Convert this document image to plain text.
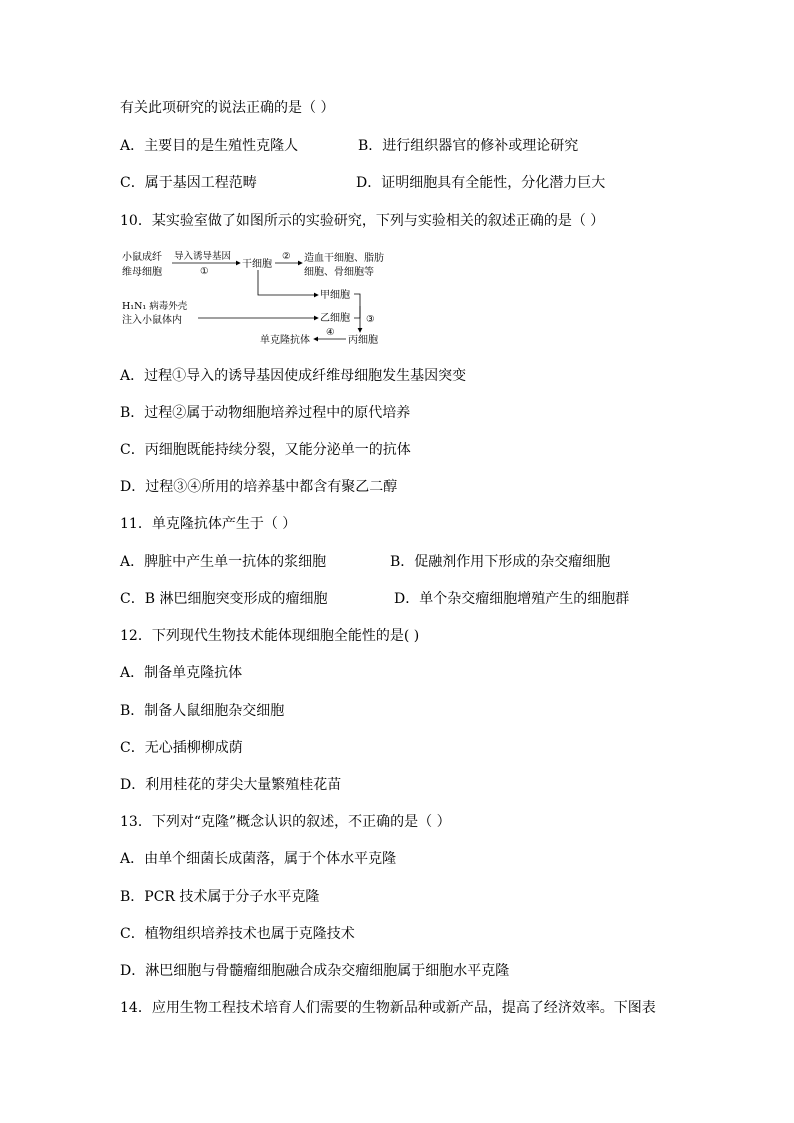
有关此项研究的说法正确的是（ ）
A．主要目的是生殖性克隆人	B．进行组织器官的修补或理论研究
C．属于基因工程范畴	D．证明细胞具有全能性，分化潜力巨大
10．某实验室做了如图所示的实验研究，下列与实验相关的叙述正确的是（ ）
小鼠成纤
维母细胞
导入诱导基因
①
干细胞
② 造血干细胞、脂肪
细胞、骨细胞等
甲细胞
H₁N₁ 病毒外壳
注入小鼠体内	乙细胞 ③
丙细胞
④
单克隆抗体
A．过程①导入的诱导基因使成纤维母细胞发生基因突变
B．过程②属于动物细胞培养过程中的原代培养
C．丙细胞既能持续分裂，又能分泌单一的抗体
D．过程③④所用的培养基中都含有聚乙二醇
11．单克隆抗体产生于（ ）
A．脾脏中产生单一抗体的浆细胞	B．促融剂作用下形成的杂交瘤细胞
C．B 淋巴细胞突变形成的瘤细胞	D．单个杂交瘤细胞增殖产生的细胞群
12．下列现代生物技术能体现细胞全能性的是( )
A．制备单克隆抗体
B．制备人鼠细胞杂交细胞
C．无心插柳柳成荫
D．利用桂花的芽尖大量繁殖桂花苗
13．下列对“克隆”概念认识的叙述，不正确的是（ ）
A．由单个细菌长成菌落，属于个体水平克隆
B．PCR 技术属于分子水平克隆
C．植物组织培养技术也属于克隆技术
D．淋巴细胞与骨髓瘤细胞融合成杂交瘤细胞属于细胞水平克隆
14．应用生物工程技术培育人们需要的生物新品种或新产品，提高了经济效率。下图表
